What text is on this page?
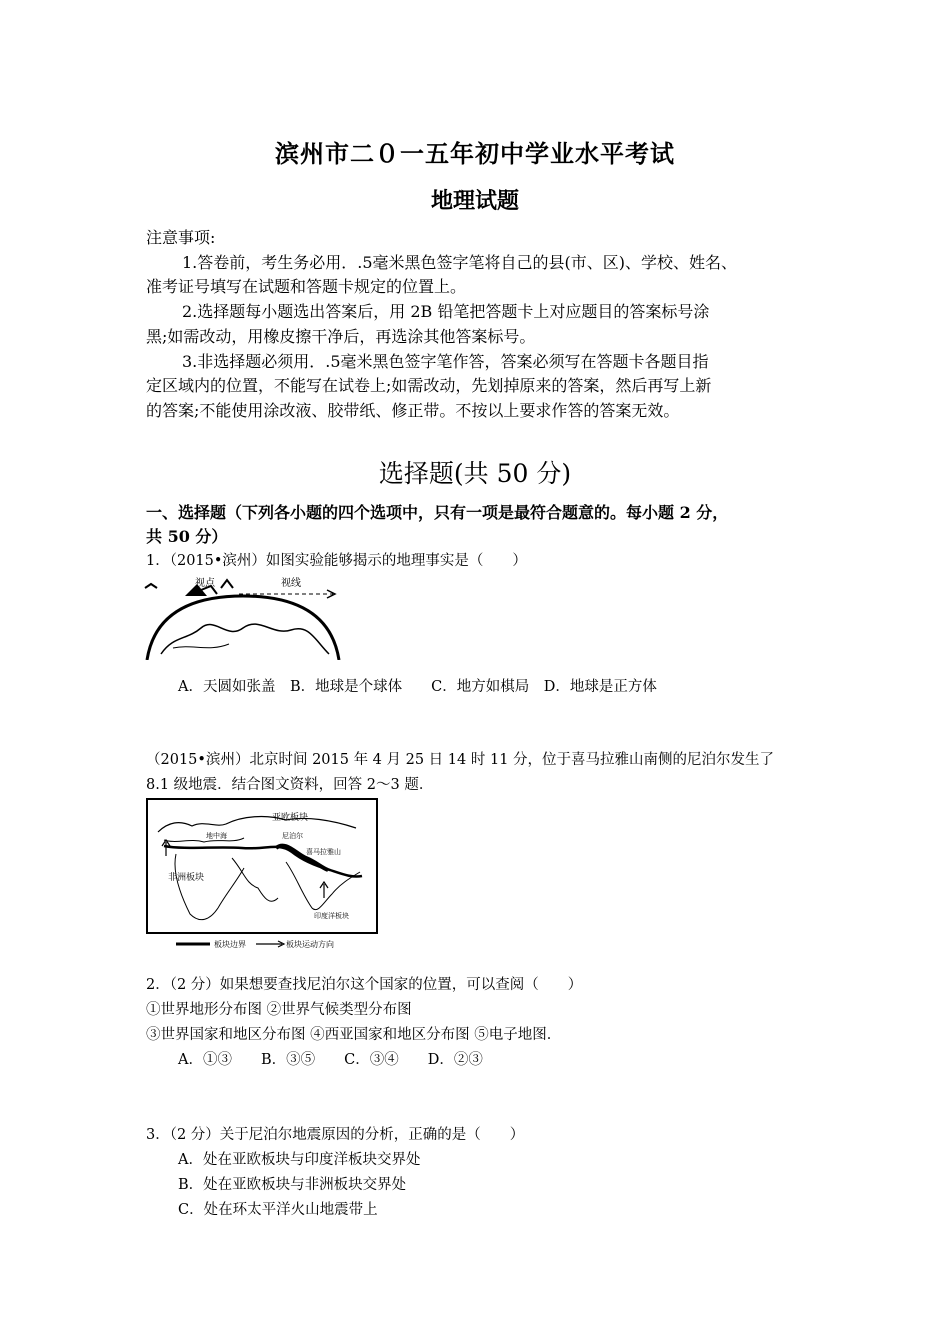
滨州市二０一五年初中学业水平考试
地理试题
注意事项:
1.答卷前，考生务必用．.5毫米黑色签字笔将自己的县(市、区)、学校、姓名、
准考证号填写在试题和答题卡规定的位置上。
2.选择题每小题选出答案后，用 2B 铅笔把答题卡上对应题目的答案标号涂
黑;如需改动，用橡皮擦干净后，再选涂其他答案标号。
3.非选择题必须用．.5毫米黑色签字笔作答，答案必须写在答题卡各题目指
定区域内的位置，不能写在试卷上;如需改动，先划掉原来的答案，然后再写上新
的答案;不能使用涂改液、胶带纸、修正带。不按以上要求作答的答案无效。
选择题(共 50 分)
一、选择题（下列各小题的四个选项中，只有一项是最符合题意的。每小题 2 分，
共 50 分）
1．（2015•滨州）如图实验能够揭示的地理事实是（　　）
视点	视线
A．天圆如张盖　B．地球是个球体　　C．地方如棋局　D．地球是正方体
（2015•滨州）北京时间 2015 年 4 月 25 日 14 时 11 分，位于喜马拉雅山南侧的尼泊尔发生了
8.1 级地震．结合图文资料，回答 2～3 题．
亚欧板块
非洲板块
印度洋板块
喜马拉雅山
尼泊尔
地中海
板块边界	板块运动方向
2．（2 分）如果想要查找尼泊尔这个国家的位置，可以查阅（　　）
①世界地形分布图 ②世界气候类型分布图
③世界国家和地区分布图 ④西亚国家和地区分布图 ⑤电子地图．
A．①③　　B．③⑤　　C．③④　　D．②③
3．（2 分）关于尼泊尔地震原因的分析，正确的是（　　）
A．处在亚欧板块与印度洋板块交界处
B．处在亚欧板块与非洲板块交界处
C．处在环太平洋火山地震带上
